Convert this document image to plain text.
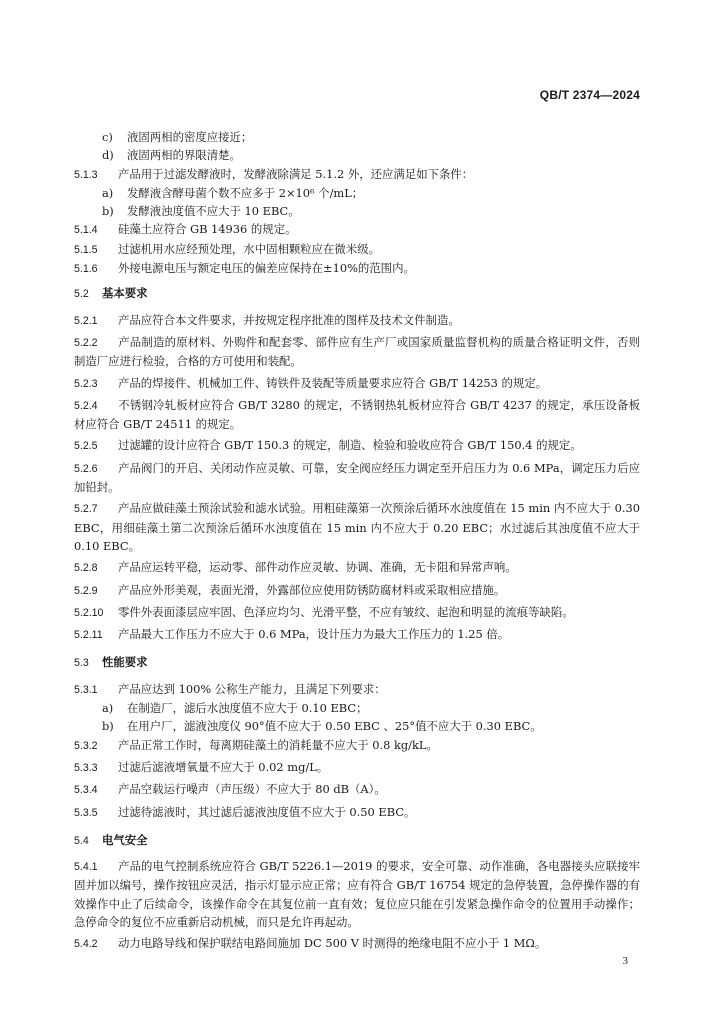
QB/T 2374—2024
c) 液固两相的密度应接近；
d) 液固两相的界限清楚。
5.1.3 产品用于过滤发酵液时，发酵液除满足 5.1.2 外，还应满足如下条件：
a) 发酵液含酵母菌个数不应多于 2×10⁶ 个/mL；
b) 发酵液浊度值不应大于 10 EBC。
5.1.4 硅藻土应符合 GB 14936 的规定。
5.1.5 过滤机用水应经预处理，水中固相颗粒应在微米级。
5.1.6 外接电源电压与额定电压的偏差应保持在±10%的范围内。
5.2 基本要求
5.2.1 产品应符合本文件要求，并按规定程序批准的图样及技术文件制造。
5.2.2 产品制造的原材料、外购件和配套零、部件应有生产厂或国家质量监督机构的质量合格证明文件，否则制造厂应进行检验，合格的方可使用和装配。
5.2.3 产品的焊接件、机械加工件、铸铁件及装配等质量要求应符合 GB/T 14253 的规定。
5.2.4 不锈钢冷轧板材应符合 GB/T 3280 的规定，不锈钢热轧板材应符合 GB/T 4237 的规定，承压设备板材应符合 GB/T 24511 的规定。
5.2.5 过滤罐的设计应符合 GB/T 150.3 的规定，制造、检验和验收应符合 GB/T 150.4 的规定。
5.2.6 产品阀门的开启、关闭动作应灵敏、可靠，安全阀应经压力调定至开启压力为 0.6 MPa，调定压力后应加铅封。
5.2.7 产品应做硅藻土预涂试验和滤水试验。用粗硅藻第一次预涂后循环水浊度值在 15 min 内不应大于 0.30 EBC，用细硅藻土第二次预涂后循环水浊度值在 15 min 内不应大于 0.20 EBC；水过滤后其浊度值不应大于 0.10 EBC。
5.2.8 产品应运转平稳，运动零、部件动作应灵敏、协调、准确，无卡阻和异常声响。
5.2.9 产品应外形美观，表面光滑，外露部位应使用防锈防腐材料或采取相应措施。
5.2.10 零件外表面漆层应牢固、色泽应均匀、光滑平整，不应有皱纹、起泡和明显的流痕等缺陷。
5.2.11 产品最大工作压力不应大于 0.6 MPa，设计压力为最大工作压力的 1.25 倍。
5.3 性能要求
5.3.1 产品应达到 100% 公称生产能力，且满足下列要求：
a) 在制造厂，滤后水浊度值不应大于 0.10 EBC；
b) 在用户厂，滤液浊度仪 90°值不应大于 0.50 EBC 、25°值不应大于 0.30 EBC。
5.3.2 产品正常工作时，每离期硅藻土的消耗量不应大于 0.8 kg/kL。
5.3.3 过滤后滤液增氧量不应大于 0.02 mg/L。
5.3.4 产品空载运行噪声（声压级）不应大于 80 dB（A）。
5.3.5 过滤待滤液时，其过滤后滤液浊度值不应大于 0.50 EBC。
5.4 电气安全
5.4.1 产品的电气控制系统应符合 GB/T 5226.1—2019 的要求，安全可靠、动作准确，各电器接头应联接牢固并加以编号，操作按钮应灵活，指示灯显示应正常；应有符合 GB/T 16754 规定的急停装置，急停操作器的有效操作中止了后续命令，该操作命令在其复位前一直有效；复位应只能在引发紧急操作命令的位置用手动操作；急停命令的复位不应重新启动机械，而只是允许再起动。
5.4.2 动力电路导线和保护联结电路间施加 DC 500 V 时测得的绝缘电阻不应小于 1 MΩ。
3
